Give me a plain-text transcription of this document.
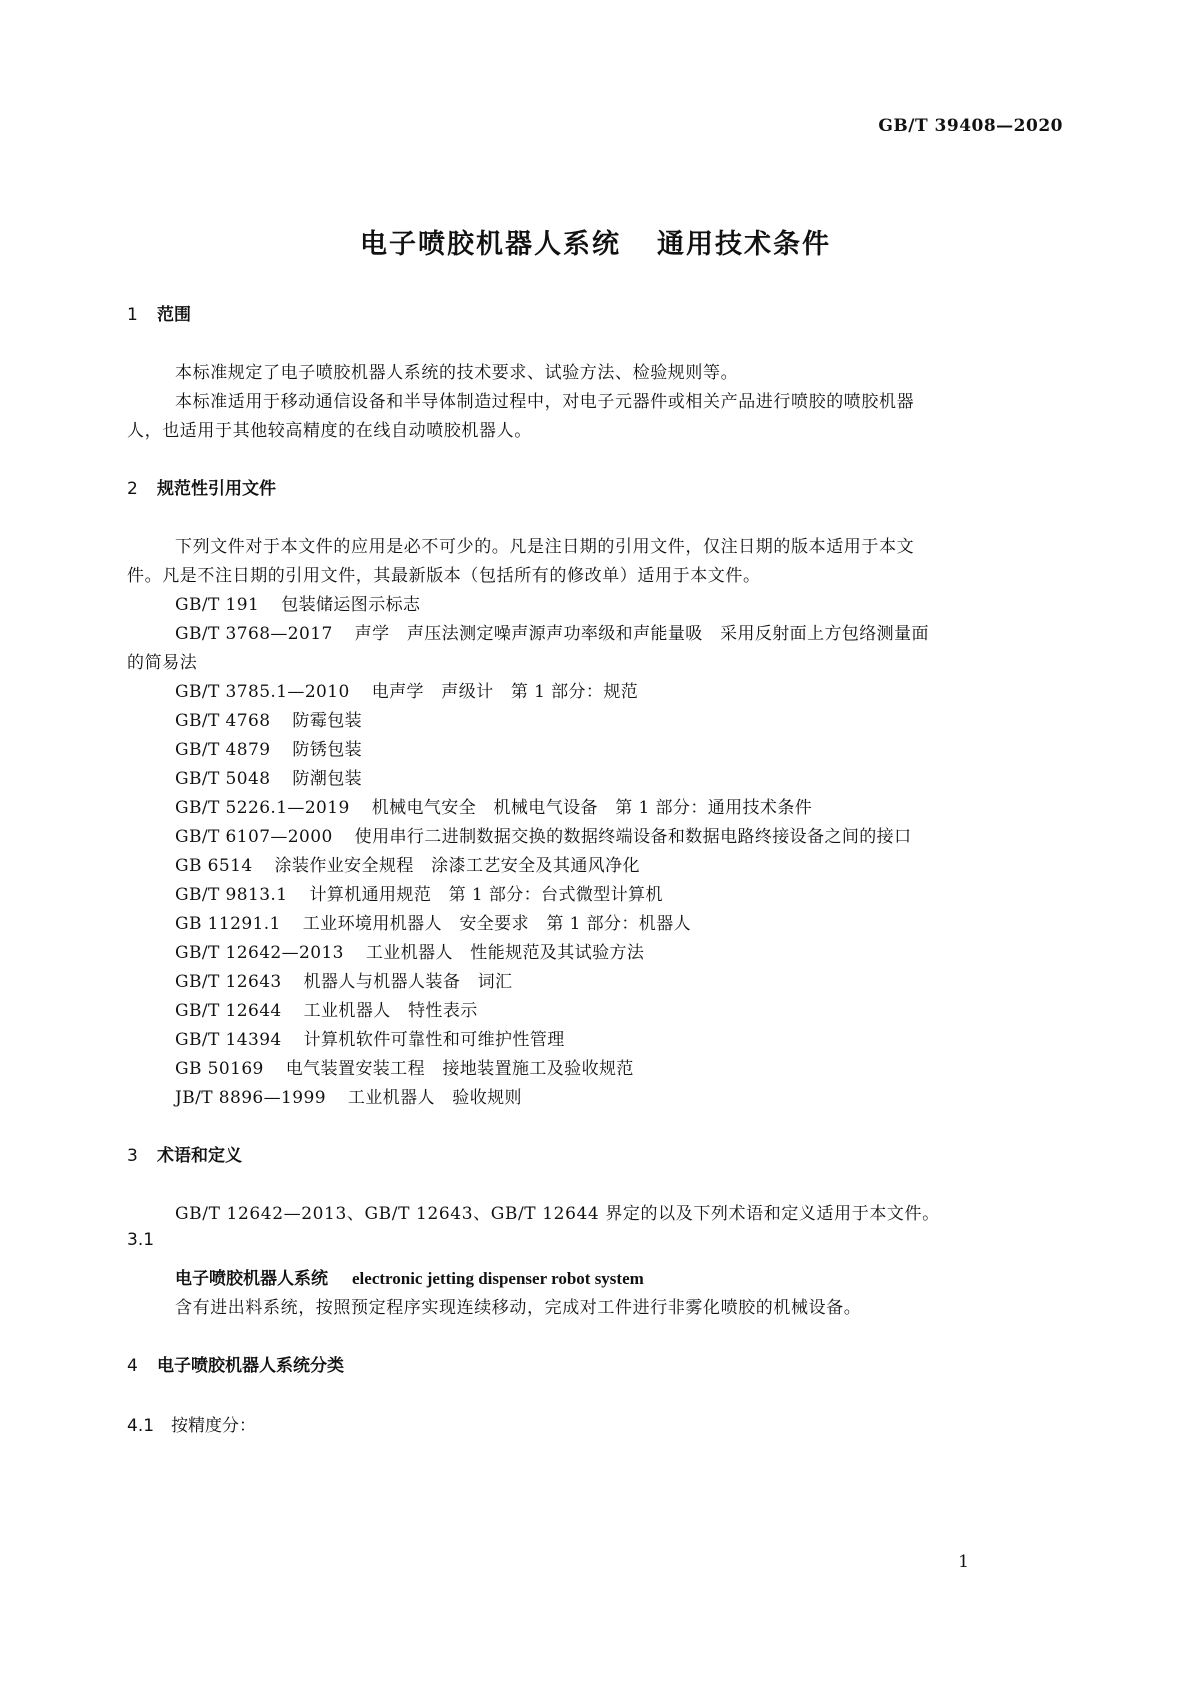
GB/T 39408—2020
电子喷胶机器人系统 通用技术条件
1 范围
本标准规定了电子喷胶机器人系统的技术要求、试验方法、检验规则等。
本标准适用于移动通信设备和半导体制造过程中，对电子元器件或相关产品进行喷胶的喷胶机器
人，也适用于其他较高精度的在线自动喷胶机器人。
2 规范性引用文件
下列文件对于本文件的应用是必不可少的。凡是注日期的引用文件，仅注日期的版本适用于本文
件。凡是不注日期的引用文件，其最新版本（包括所有的修改单）适用于本文件。
GB/T 191 包装储运图示标志
GB/T 3768—2017 声学　声压法测定噪声源声功率级和声能量吸　采用反射面上方包络测量面
的简易法
GB/T 3785.1—2010 电声学　声级计　第 1 部分：规范
GB/T 4768 防霉包装
GB/T 4879 防锈包装
GB/T 5048 防潮包装
GB/T 5226.1—2019 机械电气安全　机械电气设备　第 1 部分：通用技术条件
GB/T 6107—2000 使用串行二进制数据交换的数据终端设备和数据电路终接设备之间的接口
GB 6514 涂装作业安全规程　涂漆工艺安全及其通风净化
GB/T 9813.1 计算机通用规范　第 1 部分：台式微型计算机
GB 11291.1 工业环境用机器人　安全要求　第 1 部分：机器人
GB/T 12642—2013 工业机器人　性能规范及其试验方法
GB/T 12643 机器人与机器人装备　词汇
GB/T 12644 工业机器人　特性表示
GB/T 14394 计算机软件可靠性和可维护性管理
GB 50169 电气装置安装工程　接地装置施工及验收规范
JB/T 8896—1999 工业机器人　验收规则
3 术语和定义
GB/T 12642—2013、GB/T 12643、GB/T 12644 界定的以及下列术语和定义适用于本文件。
3.1
电子喷胶机器人系统 electronic jetting dispenser robot system
含有进出料系统，按照预定程序实现连续移动，完成对工件进行非雾化喷胶的机械设备。
4 电子喷胶机器人系统分类
4.1 按精度分：
1
